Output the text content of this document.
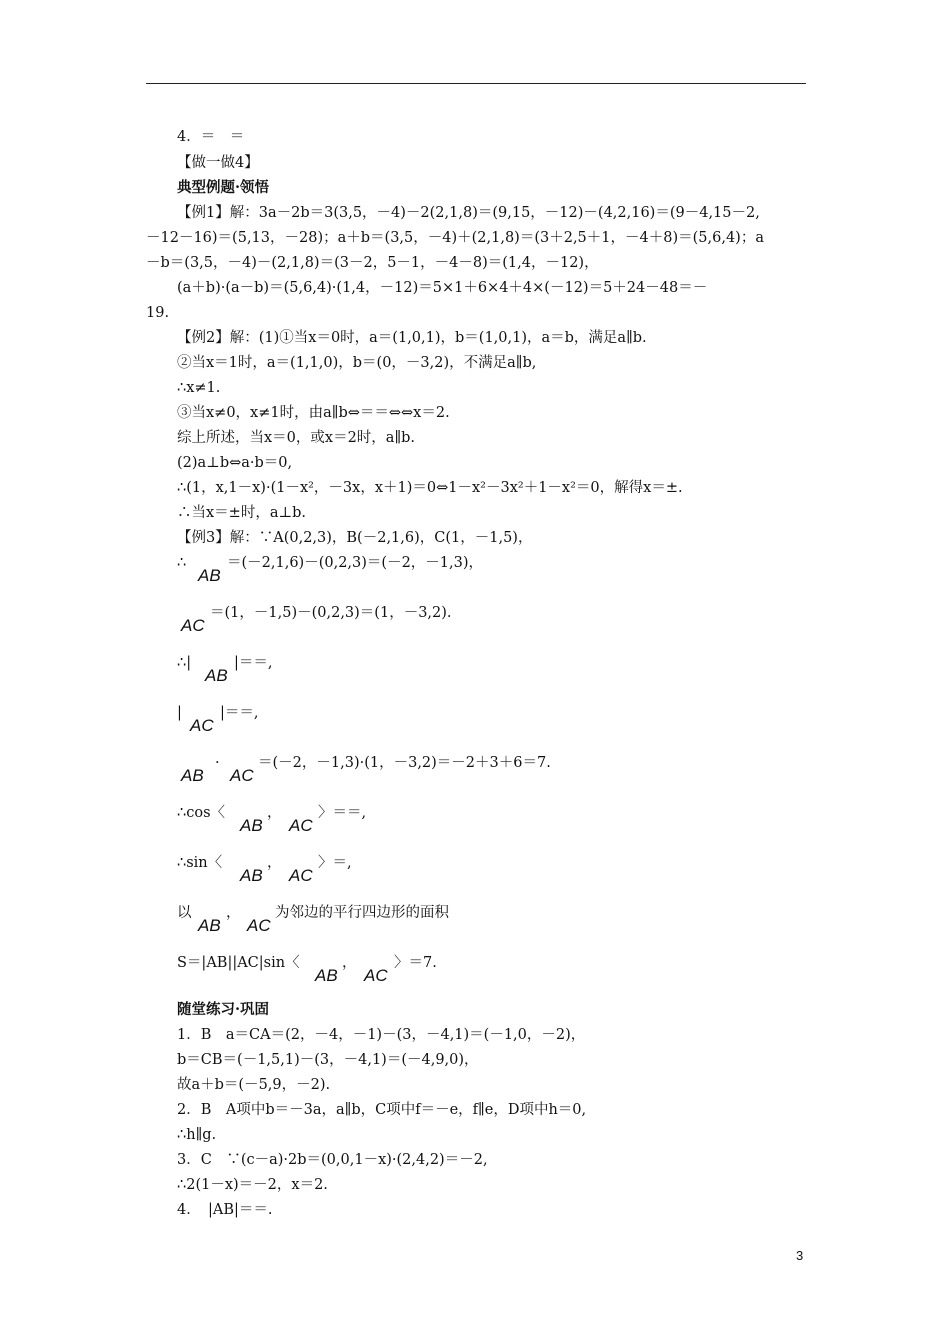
4．＝　＝
【做一做4】
典型例题·领悟
【例1】解：3a－2b＝3(3,5，－4)－2(2,1,8)＝(9,15，－12)－(4,2,16)＝(9－4,15－2,
－12－16)＝(5,13，－28)；a＋b＝(3,5，－4)＋(2,1,8)＝(3＋2,5＋1，－4＋8)＝(5,6,4)；a
－b＝(3,5，－4)－(2,1,8)＝(3－2，5－1，－4－8)＝(1,4，－12)，
(a＋b)·(a－b)＝(5,6,4)·(1,4，－12)＝5×1＋6×4＋4×(－12)＝5＋24－48＝－
19.
【例2】解：(1)①当x＝0时，a＝(1,0,1)，b＝(1,0,1)，a＝b，满足a∥b.
②当x＝1时，a＝(1,1,0)，b＝(0，－3,2)，不满足a∥b,
∴x≠1.
③当x≠0，x≠1时，由a∥b⇔＝＝⇔⇔x＝2.
综上所述，当x＝0，或x＝2时，a∥b.
(2)a⊥b⇔a·b＝0,
∴(1，x,1－x)·(1－x²，－3x，x＋1)＝0⇔1－x²－3x²＋1－x²＝0，解得x＝±.
∴当x＝±时，a⊥b.
【例3】解：∵A(0,2,3)，B(－2,1,6)，C(1，－1,5)，
∴	＝(－2,1,6)－(0,2,3)＝(－2，－1,3)，
＝(1，－1,5)－(0,2,3)＝(1，－3,2).
∴|	|＝＝,
|	|＝＝,
·	＝(－2，－1,3)·(1，－3,2)＝－2＋3＋6＝7.
∴cos〈	，	〉＝＝,
∴sin〈	，	〉＝,
以 ， 为邻边的平行四边形的面积
S＝|AB||AC|sin〈	，	〉＝7.
随堂练习·巩固
1．B　a＝CA＝(2，－4，－1)－(3，－4,1)＝(－1,0，－2)，
b＝CB＝(－1,5,1)－(3，－4,1)＝(－4,9,0)，
故a＋b＝(－5,9，－2).
2．B　A项中b＝－3a，a∥b，C项中f＝－e，f∥e，D项中h＝0,
∴h∥g.
3．C　∵(c－a)·2b＝(0,0,1－x)·(2,4,2)＝－2,
∴2(1－x)＝－2，x＝2.
4．　|AB|＝＝.
AB
AC
AB
AC
AB AC
AB AC
AB AC
AB AC
AB AC
3
